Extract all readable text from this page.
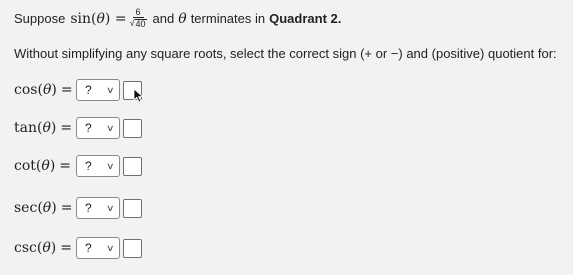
Suppose $\sin(\theta) = \frac{6}{√ 40}$ and θ terminates in Quadrant 2.
Without simplifying any square roots, select the correct sign (+ or −) and (positive) quotient for:
cos(θ) = ? ∨
tan(θ) =	? ∨
cot(θ) =	? ∨
sec(θ) = ? ∨
csc(θ) =	? ∨
